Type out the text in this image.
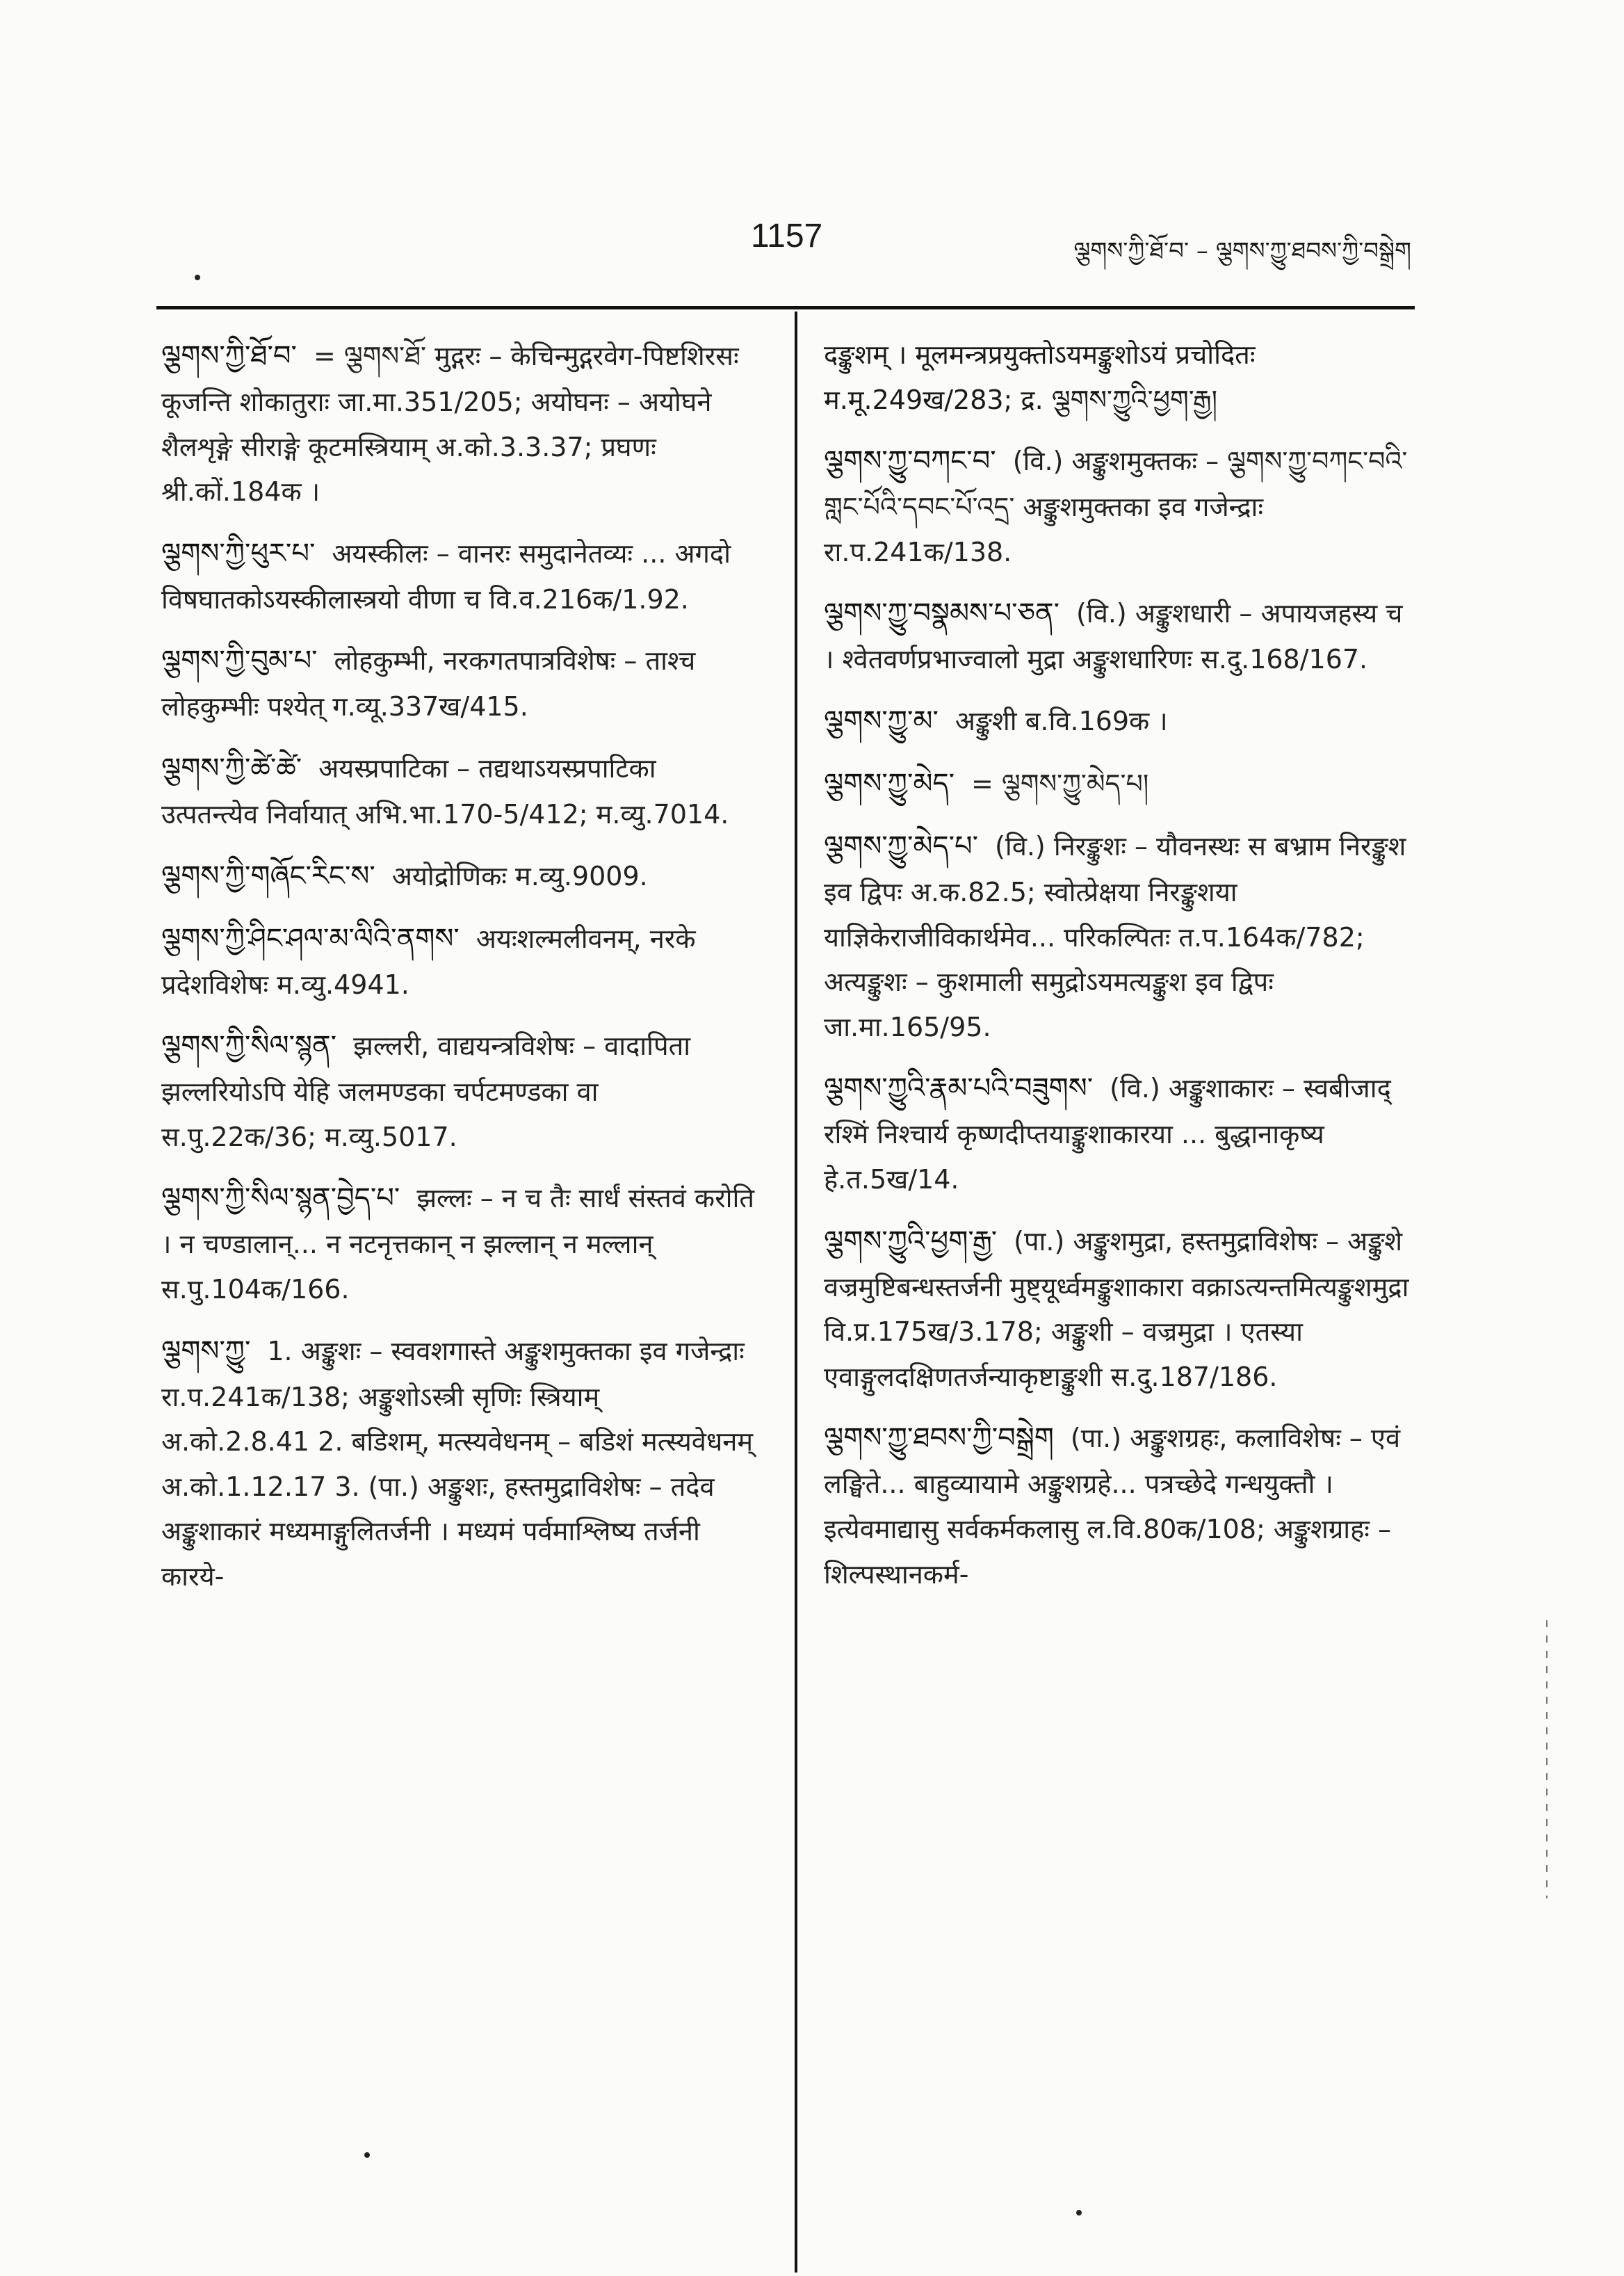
1157	ལྕགས་ཀྱི་ཐོ་བ་ – ལྕགས་ཀྱུ་ཐབས་ཀྱི་བསྒྲེག

ལྕགས་ཀྱི་ཐོ་བ་ = ལྕགས་ཐོ་ मुद्गरः – केचिन्मुद्गरवेग-पिष्टशिरसः कूजन्ति शोकातुराः जा.मा.351/205; अयोघनः – अयोघने शैलशृङ्गे सीराङ्गे कूटमस्त्रियाम् अ.को.3.3.37; प्रघणः श्री.कों.184क ।

ལྕགས་ཀྱི་ཕུར་པ་ अयस्कीलः – वानरः समुदानेतव्यः ... अगदो विषघातकोऽयस्कीलास्त्रयो वीणा च वि.व.216क/1.92.

ལྕགས་ཀྱི་བུམ་པ་ लोहकुम्भी, नरकगतपात्रविशेषः – ताश्च लोहकुम्भीः पश्येत् ग.व्यू.337ख/415.

ལྕགས་ཀྱི་ཚེ་ཚེ་ अयस्प्रपाटिका – तद्यथाऽयस्प्रपाटिका उत्पतन्त्येव निर्वायात् अभि.भा.170-5/412; म.व्यु.7014.

ལྕགས་ཀྱི་གཞོང་རིང་ས་ अयोद्रोणिकः म.व्यु.9009.

ལྕགས་ཀྱི་ཤིང་ཤལ་མ་ལིའི་ནགས་ अयःशल्मलीवनम्, नरके प्रदेशविशेषः म.व्यु.4941.

ལྕགས་ཀྱི་སིལ་སྙན་ झल्लरी, वाद्ययन्त्रविशेषः – वादापिता झल्लरियोऽपि येहि जलमण्डका चर्पटमण्डका वा स.पु.22क/36; म.व्यु.5017.

ལྕགས་ཀྱི་སིལ་སྙན་བྱེད་པ་ झल्लः – न च तैः सार्धं संस्तवं करोति । न चण्डालान्... न नटनृत्तकान् न झल्लान् न मल्लान् स.पु.104क/166.

ལྕགས་ཀྱུ་ 1. अङ्कुशः – स्ववशगास्ते अङ्कुशमुक्तका इव गजेन्द्राः रा.प.241क/138; अङ्कुशोऽस्त्री सृणिः स्त्रियाम् अ.को.2.8.41 2. बडिशम्, मत्स्यवेधनम् – बडिशं मत्स्यवेधनम् अ.को.1.12.17 3. (पा.) अङ्कुशः, हस्तमुद्राविशेषः – तदेव अङ्कुशाकारं मध्यमाङ्गुलितर्जनी । मध्यमं पर्वमाश्लिष्य तर्जनी कारये-

दङ्कुशम् । मूलमन्त्रप्रयुक्तोऽयमङ्कुशोऽयं प्रचोदितः म.मू.249ख/283; द्र. ལྕགས་ཀྱུའི་ཕྱག་རྒྱ།

ལྕགས་ཀྱུ་བཀང་བ་ (वि.) अङ्कुशमुक्तकः – ལྕགས་ཀྱུ་བཀང་བའི་གླང་པོའི་དབང་པོ་འདྲ་ अङ्कुशमुक्तका इव गजेन्द्राः रा.प.241क/138.

ལྕགས་ཀྱུ་བསྣམས་པ་ཅན་ (वि.) अङ्कुशधारी – अपायजहस्य च । श्वेतवर्णप्रभाज्वालो मुद्रा अङ्कुशधारिणः स.दु.168/167.

ལྕགས་ཀྱུ་མ་ अङ्कुशी ब.वि.169क ।

ལྕགས་ཀྱུ་མེད་ = ལྕགས་ཀྱུ་མེད་པ།

ལྕགས་ཀྱུ་མེད་པ་ (वि.) निरङ्कुशः – यौवनस्थः स बभ्राम निरङ्कुश इव द्विपः अ.क.82.5; स्वोत्प्रेक्षया निरङ्कुशया याज्ञिकेराजीविकार्थमेव... परिकल्पितः त.प.164क/782; अत्यङ्कुशः – कुशमाली समुद्रोऽयमत्यङ्कुश इव द्विपः जा.मा.165/95.

ལྕགས་ཀྱུའི་རྣམ་པའི་བཟུགས་ (वि.) अङ्कुशाकारः – स्वबीजाद् रश्मिं निश्चार्य कृष्णदीप्तयाङ्कुशाकारया ... बुद्धानाकृष्य हे.त.5ख/14.

ལྕགས་ཀྱུའི་ཕྱག་རྒྱ་ (पा.) अङ्कुशमुद्रा, हस्तमुद्राविशेषः – अङ्कुशे वज्रमुष्टिबन्धस्तर्जनी मुष्ट्यूर्ध्वमङ्कुशाकारा वक्राऽत्यन्तमित्यङ्कुशमुद्रा वि.प्र.175ख/3.178; अङ्कुशी – वज्रमुद्रा । एतस्या एवाङ्गुलदक्षिणतर्जन्याकृष्टाङ्कुशी स.दु.187/186.

ལྕགས་ཀྱུ་ཐབས་ཀྱི་བསྒྲེག (पा.) अङ्कुशग्रहः, कलाविशेषः – एवं लङ्घिते... बाहुव्यायामे अङ्कुशग्रहे... पत्रच्छेदे गन्धयुक्तौ । इत्येवमाद्यासु सर्वकर्मकलासु ल.वि.80क/108; अङ्कुशग्राहः – शिल्पस्थानकर्म-
